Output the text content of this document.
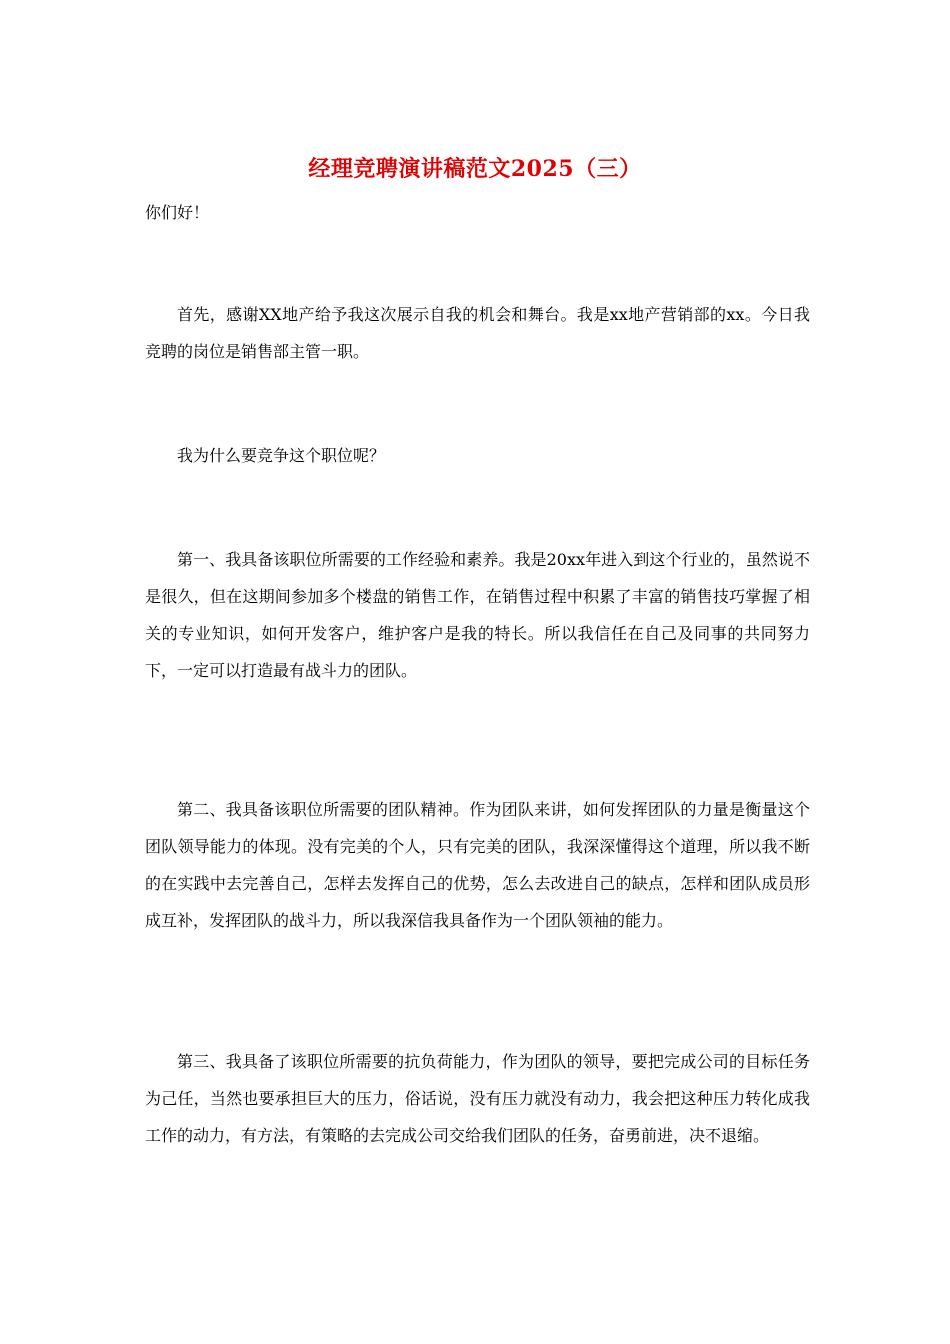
经理竞聘演讲稿范文2025（三）

你们好！

首先，感谢XX地产给予我这次展示自我的机会和舞台。我是xx地产营销部的xx。今日我竞聘的岗位是销售部主管一职。

我为什么要竞争这个职位呢？

第一、我具备该职位所需要的工作经验和素养。我是20xx年进入到这个行业的，虽然说不是很久，但在这期间参加多个楼盘的销售工作，在销售过程中积累了丰富的销售技巧掌握了相关的专业知识，如何开发客户，维护客户是我的特长。所以我信任在自己及同事的共同努力下，一定可以打造最有战斗力的团队。

第二、我具备该职位所需要的团队精神。作为团队来讲，如何发挥团队的力量是衡量这个团队领导能力的体现。没有完美的个人，只有完美的团队，我深深懂得这个道理，所以我不断的在实践中去完善自己，怎样去发挥自己的优势，怎么去改进自己的缺点，怎样和团队成员形成互补，发挥团队的战斗力，所以我深信我具备作为一个团队领袖的能力。

第三、我具备了该职位所需要的抗负荷能力，作为团队的领导，要把完成公司的目标任务为己任，当然也要承担巨大的压力，俗话说，没有压力就没有动力，我会把这种压力转化成我工作的动力，有方法，有策略的去完成公司交给我们团队的任务，奋勇前进，决不退缩。
